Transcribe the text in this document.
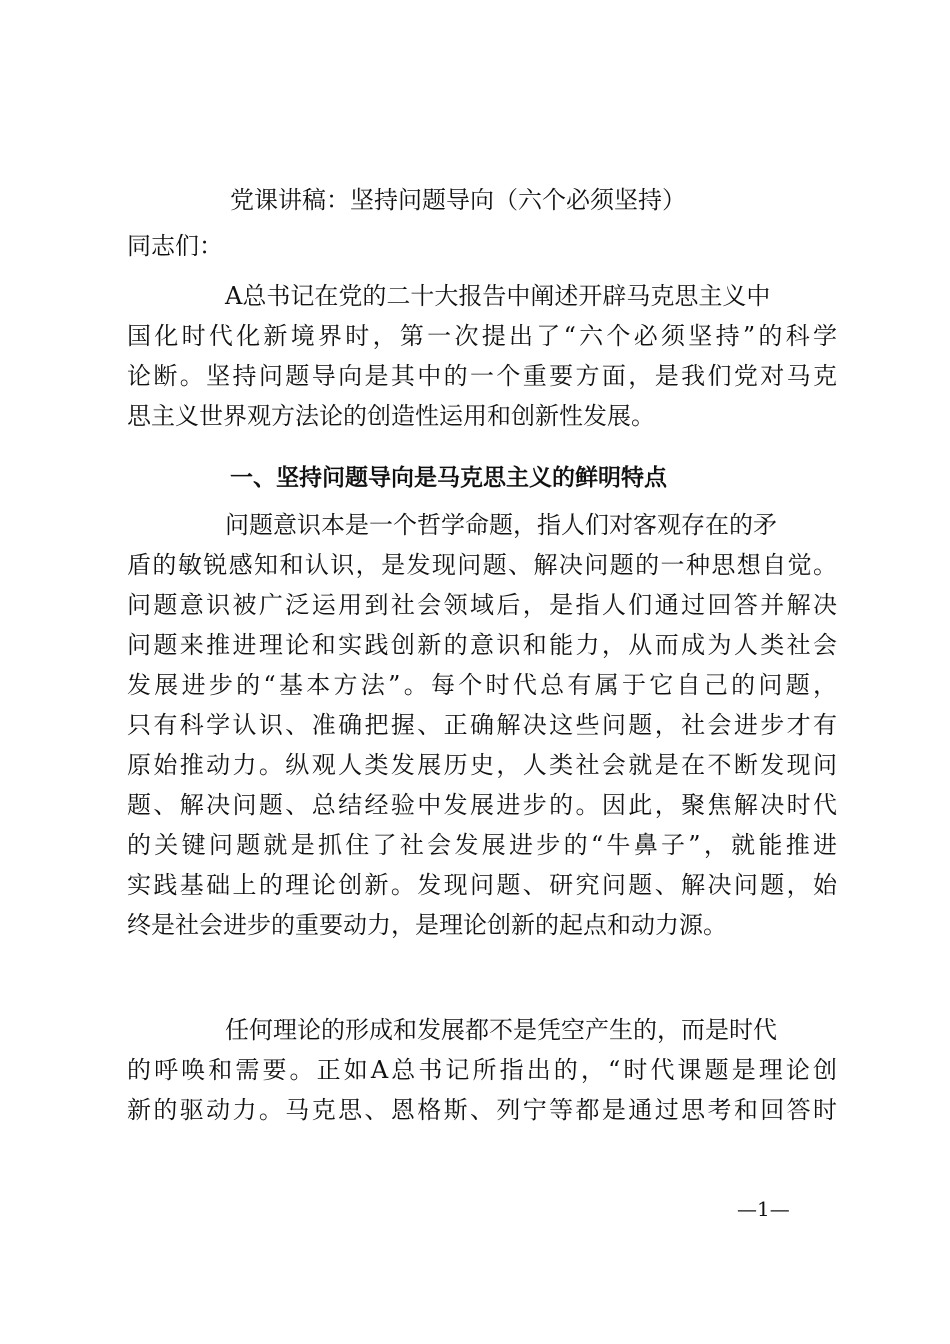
党课讲稿：坚持问题导向（六个必须坚持）
同志们：
A总书记在党的二十大报告中阐述开辟马克思主义中
国化时代化新境界时，第一次提出了“六个必须坚持”的科学
论断。坚持问题导向是其中的一个重要方面，是我们党对马克
思主义世界观方法论的创造性运用和创新性发展。
一、坚持问题导向是马克思主义的鲜明特点
问题意识本是一个哲学命题，指人们对客观存在的矛
盾的敏锐感知和认识，是发现问题、解决问题的一种思想自觉。
问题意识被广泛运用到社会领域后，是指人们通过回答并解决
问题来推进理论和实践创新的意识和能力，从而成为人类社会
发展进步的“基本方法”。每个时代总有属于它自己的问题，
只有科学认识、准确把握、正确解决这些问题，社会进步才有
原始推动力。纵观人类发展历史，人类社会就是在不断发现问
题、解决问题、总结经验中发展进步的。因此，聚焦解决时代
的关键问题就是抓住了社会发展进步的“牛鼻子”，就能推进
实践基础上的理论创新。发现问题、研究问题、解决问题，始
终是社会进步的重要动力，是理论创新的起点和动力源。
任何理论的形成和发展都不是凭空产生的，而是时代
的呼唤和需要。正如A总书记所指出的，“时代课题是理论创
新的驱动力。马克思、恩格斯、列宁等都是通过思考和回答时
—1—
